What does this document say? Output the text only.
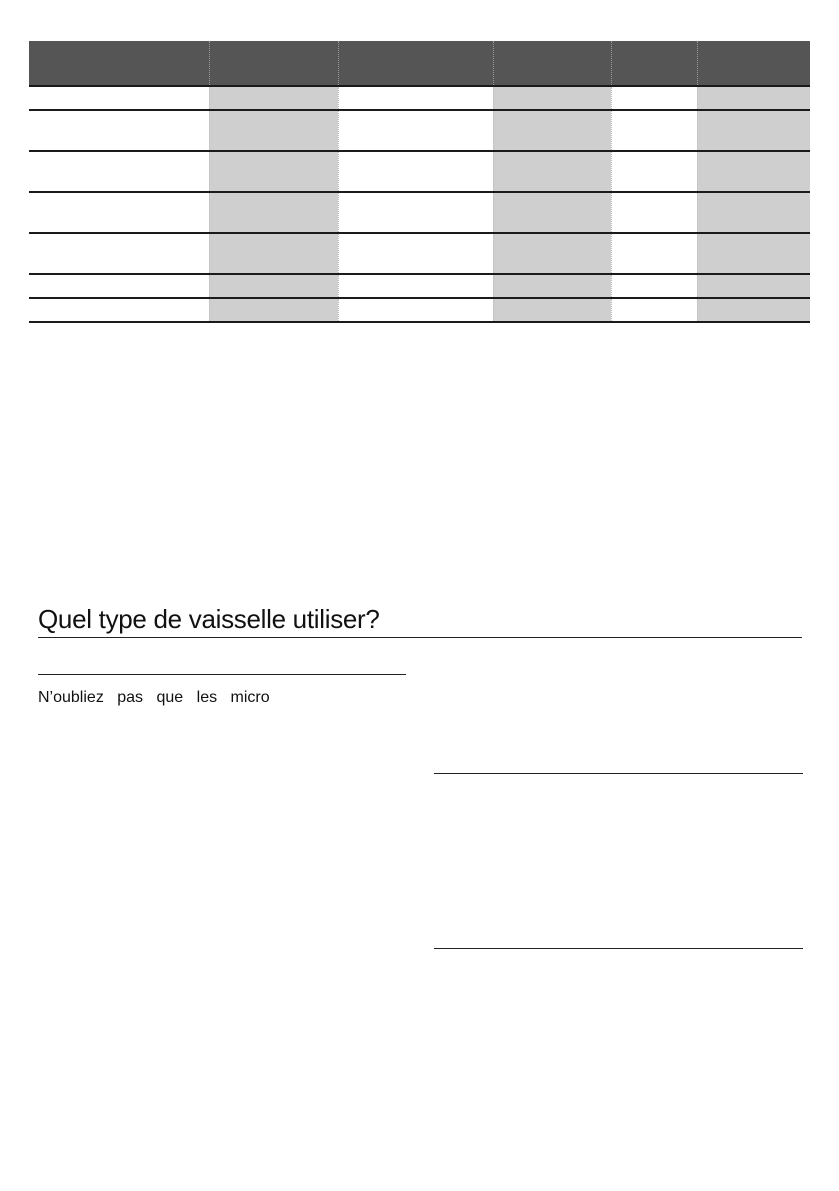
Quel type de vaisselle utiliser?

N’oubliez pas que les micro
